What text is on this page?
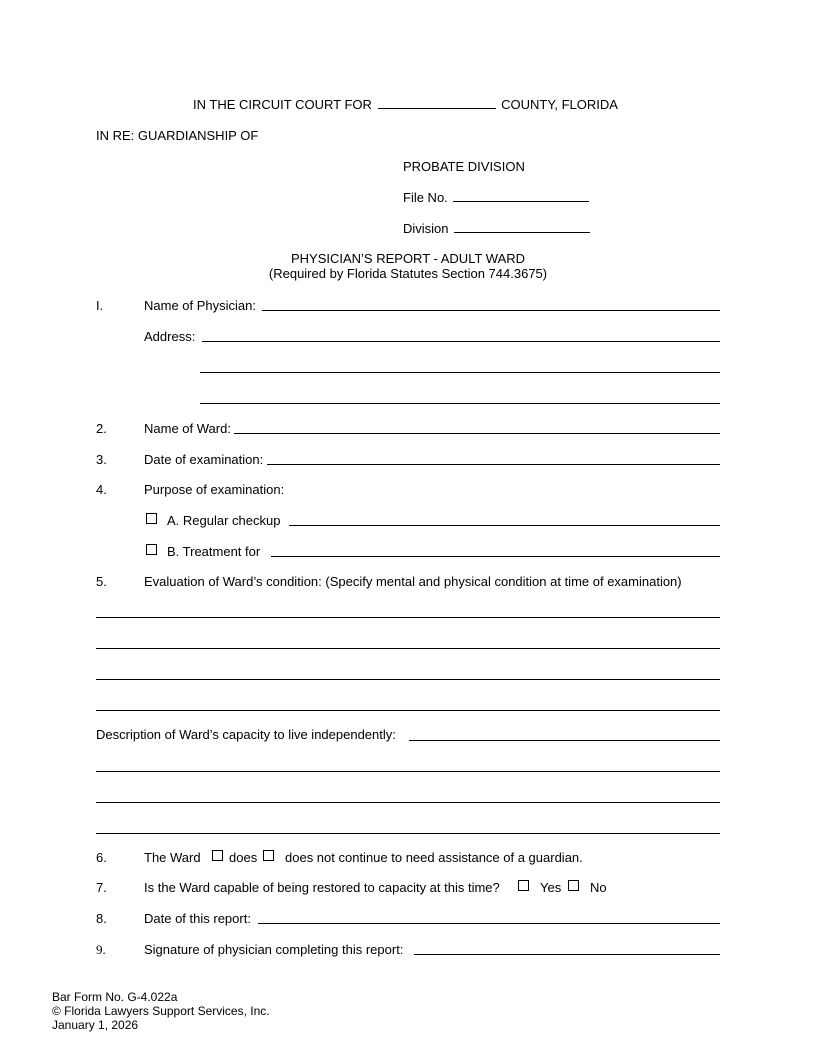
IN THE CIRCUIT COURT FOR	COUNTY, FLORIDA
IN RE: GUARDIANSHIP OF
PROBATE DIVISION
File No.
Division
PHYSICIAN’S REPORT - ADULT WARD
(Required by Florida Statutes Section 744.3675)
I.	Name of Physician:
Address:
2.	Name of Ward:
3.	Date of examination:
4.	Purpose of examination:
A. Regular checkup
B. Treatment for
5.	Evaluation of Ward’s condition: (Specify mental and physical condition at time of examination)
Description of Ward’s capacity to live independently:
6.	The Ward does does not continue to need assistance of a guardian.
7.	Is the Ward capable of being restored to capacity at this time?	Yes No
8.	Date of this report:
9.	Signature of physician completing this report:
Bar Form No. G-4.022a
© Florida Lawyers Support Services, Inc.
January 1, 2026
